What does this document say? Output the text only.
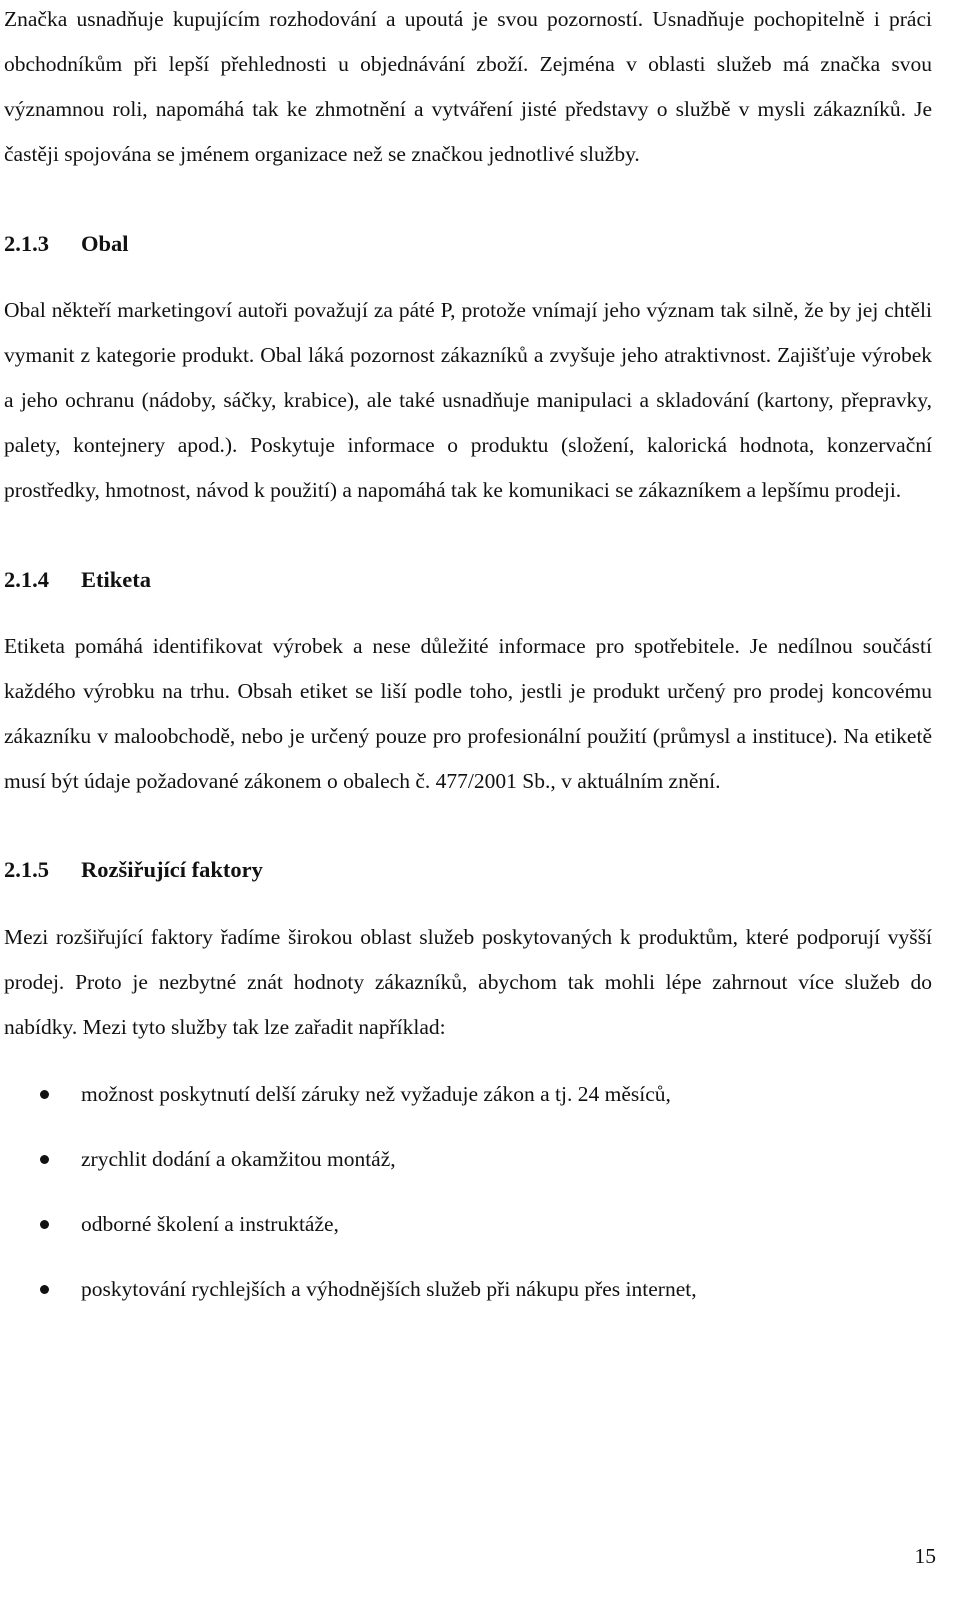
Značka usnadňuje kupujícím rozhodování a upoutá je svou pozorností. Usnadňuje pochopitelně i práci obchodníkům při lepší přehlednosti u objednávání zboží. Zejména v oblasti služeb má značka svou významnou roli, napomáhá tak ke zhmotnění a vytváření jisté představy o službě v mysli zákazníků. Je častěji spojována se jménem organizace než se značkou jednotlivé služby.

2.1.3 Obal

Obal někteří marketingoví autoři považují za páté P, protože vnímají jeho význam tak silně, že by jej chtěli vymanit z kategorie produkt. Obal láká pozornost zákazníků a zvyšuje jeho atraktivnost. Zajišťuje výrobek a jeho ochranu (nádoby, sáčky, krabice), ale také usnadňuje manipulaci a skladování (kartony, přepravky, palety, kontejnery apod.). Poskytuje informace o produktu (složení, kalorická hodnota, konzervační prostředky, hmotnost, návod k použití) a napomáhá tak ke komunikaci se zákazníkem a lepšímu prodeji.

2.1.4 Etiketa

Etiketa pomáhá identifikovat výrobek a nese důležité informace pro spotřebitele. Je nedílnou součástí každého výrobku na trhu. Obsah etiket se liší podle toho, jestli je produkt určený pro prodej koncovému zákazníku v maloobchodě, nebo je určený pouze pro profesionální použití (průmysl a instituce). Na etiketě musí být údaje požadované zákonem o obalech č. 477/2001 Sb., v aktuálním znění.

2.1.5 Rozšiřující faktory

Mezi rozšiřující faktory řadíme širokou oblast služeb poskytovaných k produktům, které podporují vyšší prodej. Proto je nezbytné znát hodnoty zákazníků, abychom tak mohli lépe zahrnout více služeb do nabídky. Mezi tyto služby tak lze zařadit například:

možnost poskytnutí delší záruky než vyžaduje zákon a tj. 24 měsíců,
zrychlit dodání a okamžitou montáž,
odborné školení a instruktáže,
poskytování rychlejších a výhodnějších služeb při nákupu přes internet,
15
